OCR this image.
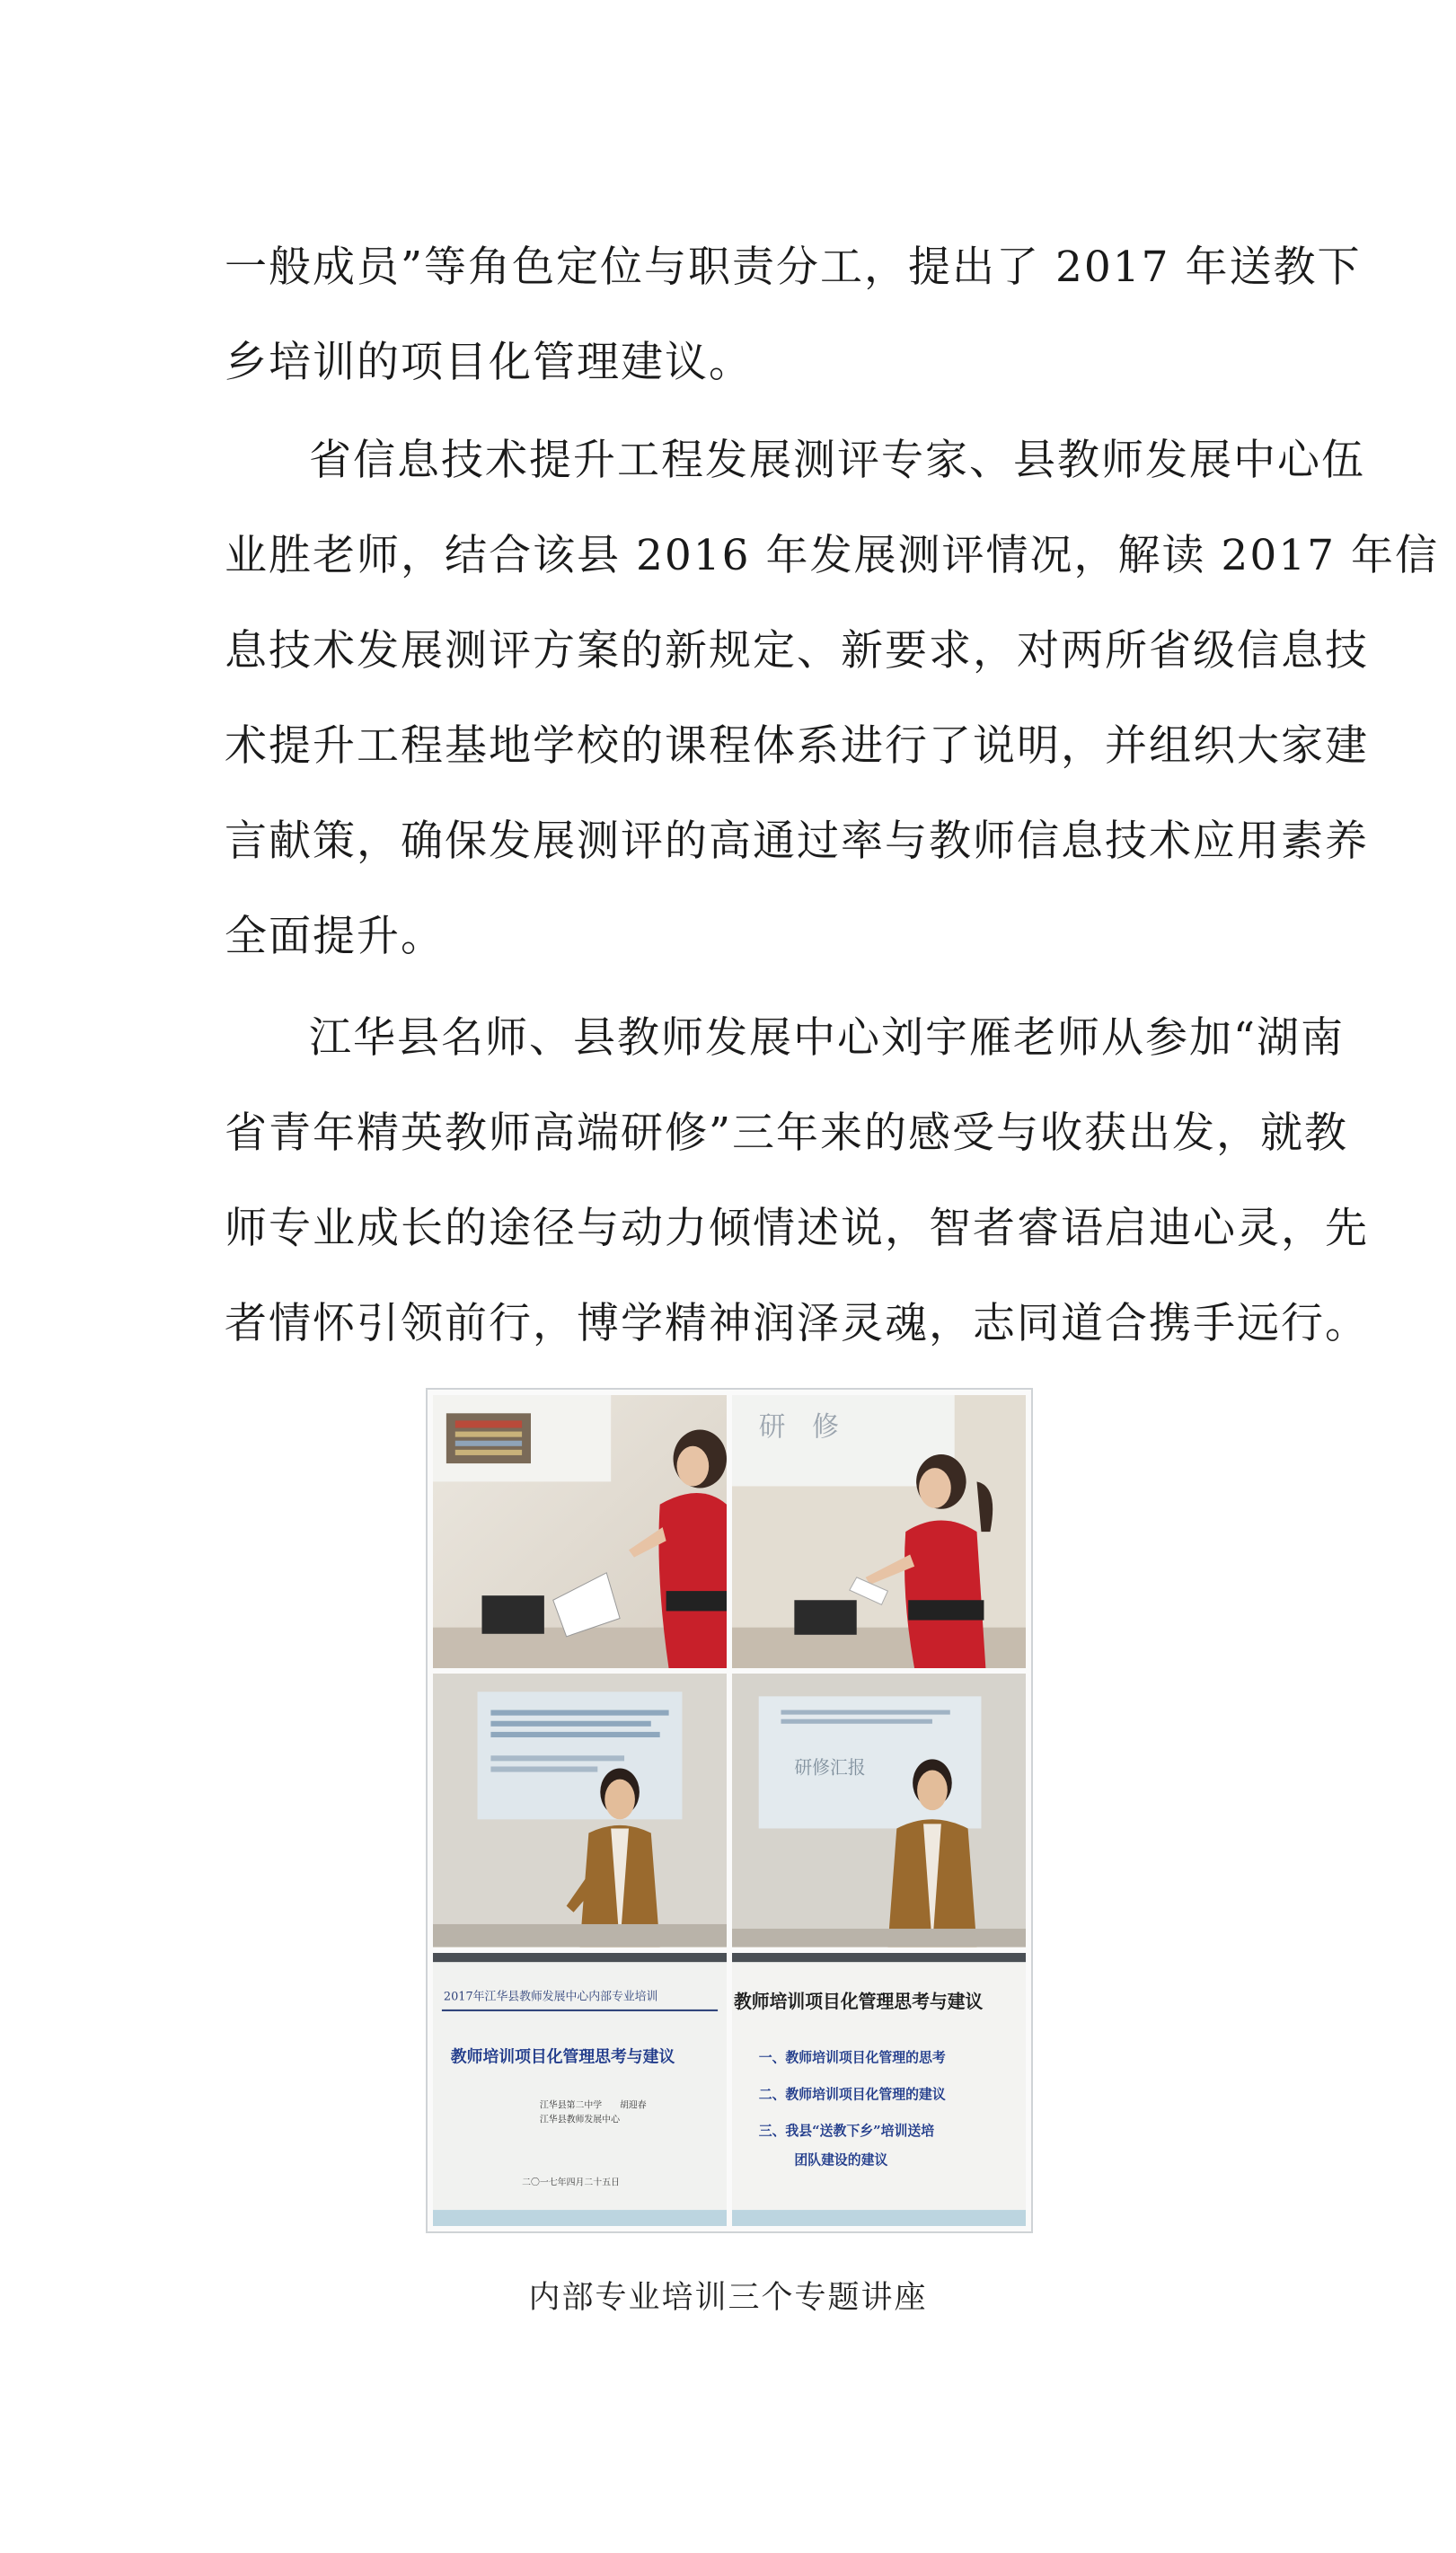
一般成员”等角色定位与职责分工，提出了 2017 年送教下
乡培训的项目化管理建议。
省信息技术提升工程发展测评专家、县教师发展中心伍
业胜老师，结合该县 2016 年发展测评情况，解读 2017 年信
息技术发展测评方案的新规定、新要求，对两所省级信息技
术提升工程基地学校的课程体系进行了说明，并组织大家建
言献策，确保发展测评的高通过率与教师信息技术应用素养
全面提升。
江华县名师、县教师发展中心刘宇雁老师从参加“湖南
省青年精英教师高端研修”三年来的感受与收获出发，就教
师专业成长的途径与动力倾情述说，智者睿语启迪心灵，先
者情怀引领前行，博学精神润泽灵魂，志同道合携手远行。
研　修
研修汇报
2017年江华县教师发展中心内部专业培训
教师培训项目化管理思考与建议
江华县第二中学　　胡迎春
江华县教师发展中心
二〇一七年四月二十五日
教师培训项目化管理思考与建议
一、教师培训项目化管理的思考
二、教师培训项目化管理的建议
三、我县“送教下乡”培训送培
团队建设的建议
内部专业培训三个专题讲座
